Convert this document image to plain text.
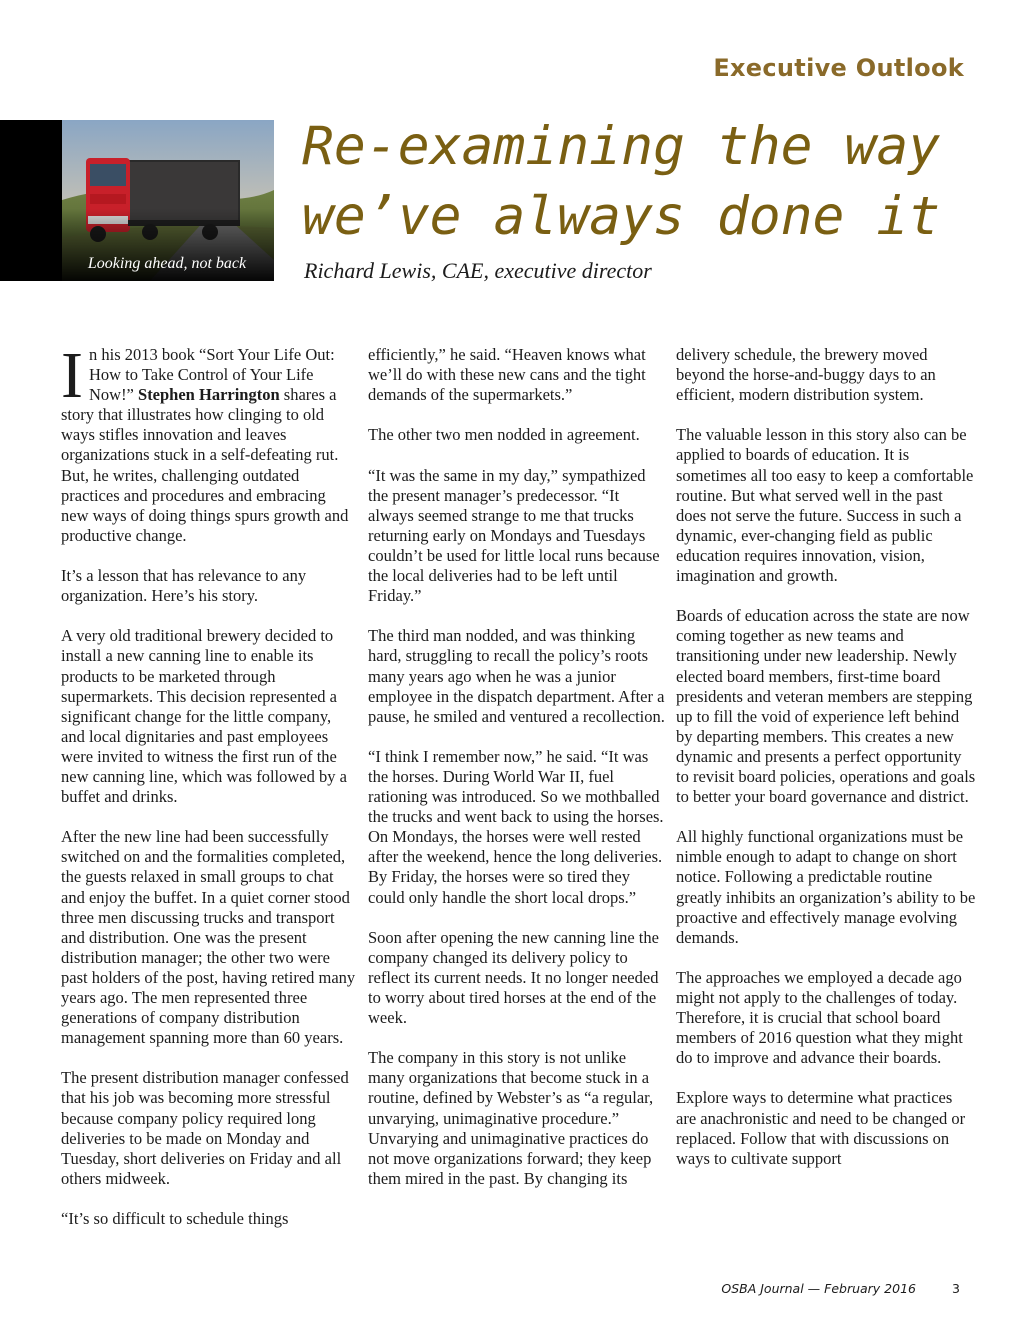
Executive Outlook
Looking ahead, not back
Re-examining the way
we’ve always done it
Richard Lewis, CAE, executive director

In his 2013 book “Sort Your Life Out: How to Take Control of Your Life Now!” Stephen Harrington shares a story that illustrates how clinging to old ways stifles innovation and leaves organizations stuck in a self-defeating rut. But, he writes, challenging outdated practices and procedures and embracing new ways of doing things spurs growth and productive change.

It’s a lesson that has relevance to any organization. Here’s his story.

A very old traditional brewery decided to install a new canning line to enable its products to be marketed through supermarkets. This decision represented a significant change for the little company, and local dignitaries and past employees were invited to witness the first run of the new canning line, which was followed by a buffet and drinks.

After the new line had been successfully switched on and the formalities completed, the guests relaxed in small groups to chat and enjoy the buffet. In a quiet corner stood three men discussing trucks and transport and distribution. One was the present distribution manager; the other two were past holders of the post, having retired many years ago. The men represented three generations of company distribution management spanning more than 60 years.

The present distribution manager confessed that his job was becoming more stressful because company policy required long deliveries to be made on Monday and Tuesday, short deliveries on Friday and all others midweek.

“It’s so difficult to schedule things

efficiently,” he said. “Heaven knows what we’ll do with these new cans and the tight demands of the supermarkets.”

The other two men nodded in agreement.

“It was the same in my day,” sympathized the present manager’s predecessor. “It always seemed strange to me that trucks returning early on Mondays and Tuesdays couldn’t be used for little local runs because the local deliveries had to be left until Friday.”

The third man nodded, and was thinking hard, struggling to recall the policy’s roots many years ago when he was a junior employee in the dispatch department. After a pause, he smiled and ventured a recollection.

“I think I remember now,” he said. “It was the horses. During World War II, fuel rationing was introduced. So we mothballed the trucks and went back to using the horses. On Mondays, the horses were well rested after the weekend, hence the long deliveries. By Friday, the horses were so tired they could only handle the short local drops.”

Soon after opening the new canning line the company changed its delivery policy to reflect its current needs. It no longer needed to worry about tired horses at the end of the week.

The company in this story is not unlike many organizations that become stuck in a routine, defined by Webster’s as “a regular, unvarying, unimaginative procedure.” Unvarying and unimaginative practices do not move organizations forward; they keep them mired in the past. By changing its

delivery schedule, the brewery moved beyond the horse-and-buggy days to an efficient, modern distribution system.

The valuable lesson in this story also can be applied to boards of education. It is sometimes all too easy to keep a comfortable routine. But what served well in the past does not serve the future. Success in such a dynamic, ever-changing field as public education requires innovation, vision, imagination and growth.

Boards of education across the state are now coming together as new teams and transitioning under new leadership. Newly elected board members, first-time board presidents and veteran members are stepping up to fill the void of experience left behind by departing members. This creates a new dynamic and presents a perfect opportunity to revisit board policies, operations and goals to better your board governance and district.

All highly functional organizations must be nimble enough to adapt to change on short notice. Following a predictable routine greatly inhibits an organization’s ability to be proactive and effectively manage evolving demands.

The approaches we employed a decade ago might not apply to the challenges of today. Therefore, it is crucial that school board members of 2016 question what they might do to improve and advance their boards.

Explore ways to determine what practices are anachronistic and need to be changed or replaced. Follow that with discussions on ways to cultivate support

OSBA Journal — February 2016	3
